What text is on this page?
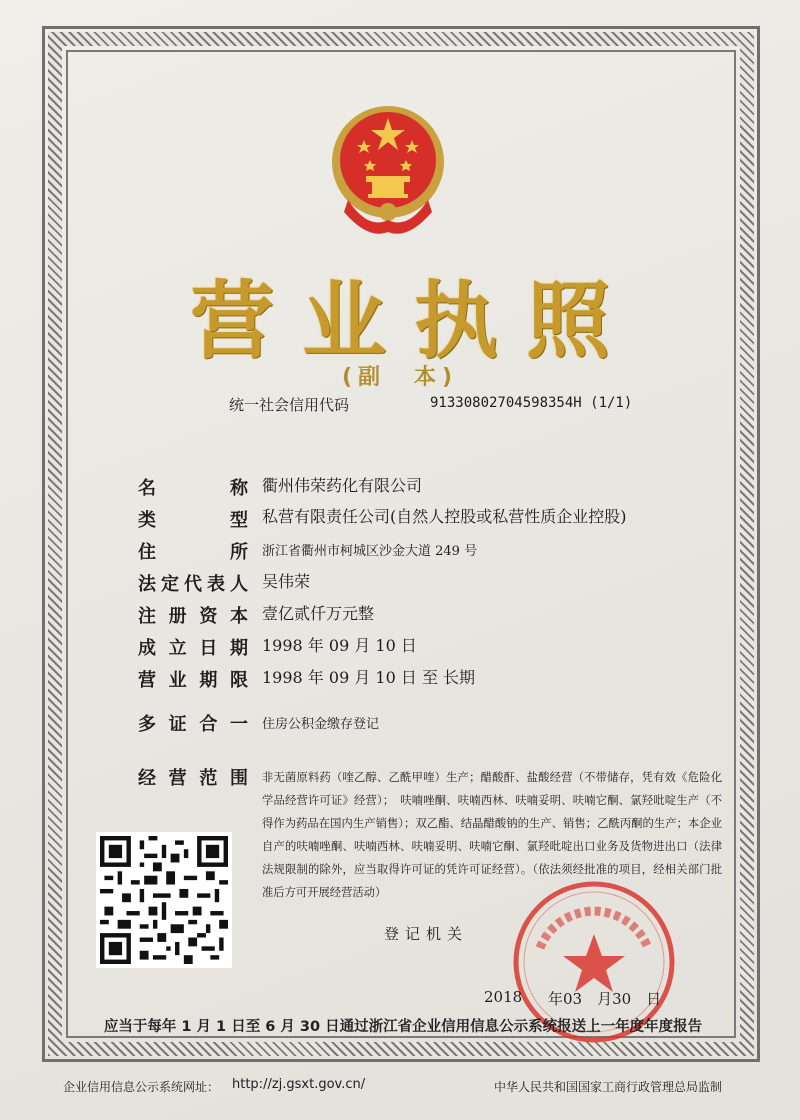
营业执照
(副　本)
统一社会信用代码	91330802704598354H (1/1)
名	称 衢州伟荣药化有限公司
类	型 私营有限责任公司(自然人控股或私营性质企业控股)
住	所 浙江省衢州市柯城区沙金大道 249 号
法 定 代 表 人 吴伟荣
注 册 资 本 壹亿贰仟万元整
成 立 日 期 1998 年 09 月 10 日
营 业 期 限 1998 年 09 月 10 日 至 长期
多 证 合 一 住房公积金缴存登记
经 营 范 围 非无菌原料药（喹乙醇、乙酰甲喹）生产；醋酸酐、盐酸经营（不带储存，凭有效《危险化学品经营许可证》经营）；　呋喃唑酮、呋喃西林、呋喃妥明、呋喃它酮、氯羟吡啶生产（不得作为药品在国内生产销售）；双乙酯、结晶醋酸钠的生产、销售；乙酰丙酮的生产；本企业自产的呋喃唑酮、呋喃西林、呋喃妥明、呋喃它酮、氯羟吡啶出口业务及货物进出口（法律法规限制的除外，应当取得许可证的凭许可证经营）。（依法须经批准的项目，经相关部门批准后方可开展经营活动）
登记机关
2018 年03　月30　日
应当于每年 1 月 1 日至 6 月 30 日通过浙江省企业信用信息公示系统报送上一年度年度报告
企业信用信息公示系统网址： http://zj.gsxt.gov.cn/	中华人民共和国国家工商行政管理总局监制
